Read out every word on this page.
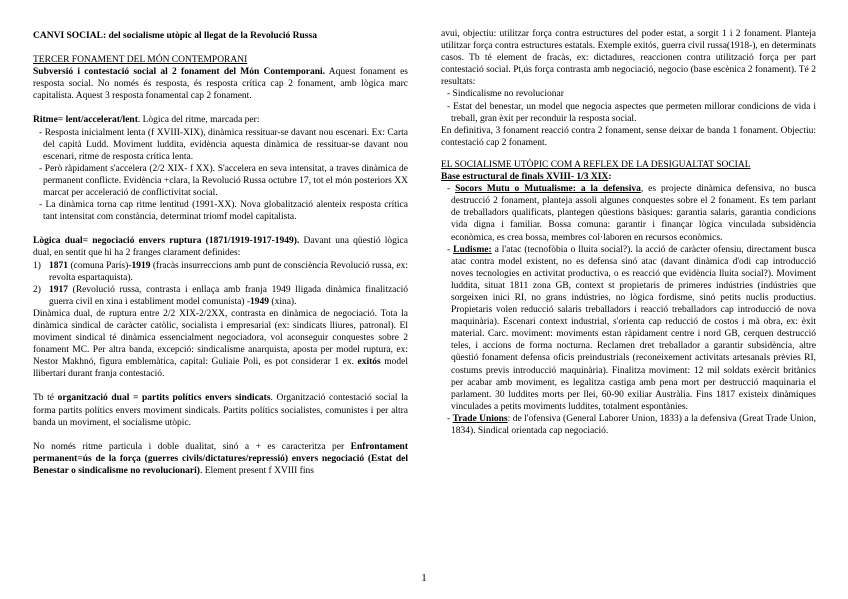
CANVI SOCIAL: del socialisme utòpic al llegat de la Revolució Russa

TERCER FONAMENT DEL MÓN CONTEMPORANI

Subversió i contestació social al 2 fonament del Món Contemporani. Aquest fonament es resposta social. No només és resposta, és resposta crítica cap 2 fonament, amb lògica marc capitalista. Aquest 3 resposta fonamental cap 2 fonament.

Ritme= lent/accelerat/lent. Lògica del ritme, marcada per:

- Resposta inicialment lenta (f XVIII-XIX), dinàmica ressituar-se davant nou escenari. Ex: Carta del capità Ludd. Moviment luddita, evidència aquesta dinàmica de ressituar-se davant nou escenari, ritme de resposta crítica lenta.

- Però ràpidament s'accelera (2/2 XIX- f XX). S'accelera en seva intensitat, a traves dinàmica de permanent conflicte. Evidència +clara, la Revolució Russa octubre 17, tot el món posteriors XX marcat per acceleració de conflictivitat social.

- La dinàmica torna cap ritme lentitud (1991-XX). Nova globalització alenteix resposta crítica tant intensitat com constància, determinat triomf model capitalista.

Lògica dual= negociació envers ruptura (1871/1919-1917-1949). Davant una qüestió lògica dual, en sentit que hi ha 2 franges clarament definides:

1) 1871 (comuna París)-1919 (fracàs insurreccions amb punt de consciència Revolució russa, ex: revolta espartaquista).
2) 1917 (Revolució russa, contrasta i enllaça amb franja 1949 lligada dinàmica finalització guerra civil en xina i establiment model comunista) -1949 (xina).

Dinàmica dual, de ruptura entre 2/2 XIX-2/2XX, contrasta en dinàmica de negociació. Tota la dinàmica sindical de caràcter catòlic, socialista i empresarial (ex: sindicats lliures, patronal). El moviment sindical té dinàmica essencialment negociadora, vol aconseguir conquestes sobre 2 fonament MC. Per altra banda, excepció: sindicalisme anarquista, aposta per model ruptura, ex: Nestor Makhnó, figura emblemàtica, capital: Guliaie Poli, es pot considerar 1 ex. exitós model llibertari durant franja contestació.

Tb té organització dual = partits polítics envers sindicats. Organització contestació social la forma partits polítics envers moviment sindicals. Partits polítics socialistes, comunistes i per altra banda un moviment, el socialisme utòpic.

No només ritme particula i doble dualitat, sinó a + es caracteritza per Enfrontament permanent=ús de la força (guerres civils/dictatures/repressió) envers negociació (Estat del Benestar o sindicalisme no revolucionari). Element present f XVIII fins

avui, objectiu: utilitzar força contra estructures del poder estat, a sorgit 1 i 2 fonament. Planteja utilitzar força contra estructures estatals. Exemple exitós, guerra civil russa(1918-), en determinats casos. Tb té element de fracàs, ex: dictadures, reaccionen contra utilització força per part contestació social. Pt,ús força contrasta amb negociació, negocio (base escènica 2 fonament). Té 2 resultats:

- Sindicalisme no revolucionar

- Estat del benestar, un model que negocia aspectes que permeten millorar condicions de vida i treball, gran èxit per reconduir la resposta social.

En definitiva, 3 fonament reacció contra 2 fonament, sense deixar de banda 1 fonament. Objectiu: contestació cap 2 fonament.

EL SOCIALISME UTÒPIC COM A REFLEX DE LA DESIGUALTAT SOCIAL

Base estructural de finals XVIII- 1/3 XIX:

- Socors Mutu o Mutualisme: a la defensiva, es projecte dinàmica defensiva, no busca destrucció 2 fonament, planteja assoli algunes conquestes sobre el 2 fonament. Es tem parlant de treballadors qualificats, plantegen qüestions bàsiques: garantia salaris, garantia condicions vida digna i familiar. Bossa comuna: garantir i finançar lògica vinculada subsidència econòmica, es crea bossa, membres col·laboren en recursos econòmics.

- Ludisme: a l'atac (tecnofòbia o lluita social?). la acció de caràcter ofensiu, directament busca atac contra model existent, no es defensa sinó atac (davant dinàmica d'odi cap introducció noves tecnologies en activitat productiva, o es reacció que evidència lluita social?). Moviment luddita, situat 1811 zona GB, context st propietaris de primeres indústries (indústries que sorgeixen inici RI, no grans indústries, no lògica fordisme, sinó petits nuclis productius. Propietaris volen reducció salaris treballadors i reacció treballadors cap introducció de nova maquinària). Escenari context industrial, s'orienta cap reducció de costos i mà obra, ex: èxit material. Carc. moviment: moviments estan ràpidament centre i nord GB, cerquen destrucció teles, i accions de forma nocturna. Reclamen dret treballador a garantir subsidència, altre qüestió fonament defensa oficis preindustrials (reconeixement activitats artesanals prèvies RI, costums previs introducció maquinària). Finalitza moviment: 12 mil soldats exèrcit britànics per acabar amb moviment, es legalitza castiga amb pena mort per destrucció maquinaria el parlament. 30 luddites morts per llei, 60-90 exiliar Austràlia. Fins 1817 existeix dinàmiques vinculades a petits moviments luddites, totalment espontànies.

- Trade Unions: de l'ofensiva (General Laborer Union, 1833) a la defensiva (Great Trade Union, 1834). Sindical orientada cap negociació.

1
